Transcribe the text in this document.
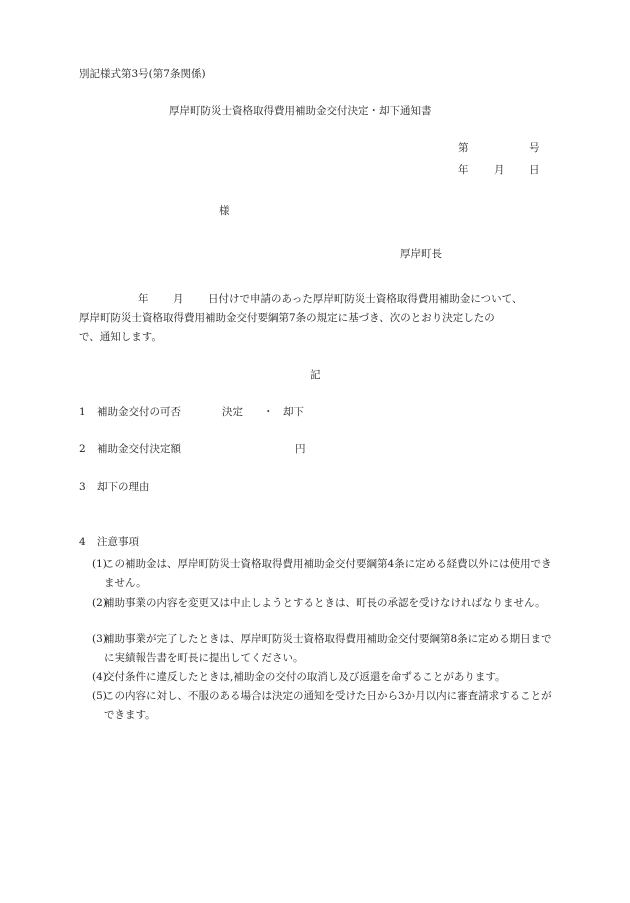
別記様式第3号(第7条関係)
厚岸町防災士資格取得費用補助金交付決定・却下通知書
第	号
年 月 日
様
厚岸町長
年 月 日付けで申請のあった厚岸町防災士資格取得費用補助金について、
厚岸町防災士資格取得費用補助金交付要綱第7条の規定に基づき、次のとおり決定したの
で、通知します。
記
1 補助金交付の可否	決定 ・ 却下
2 補助金交付決定額	円
3 却下の理由
4 注意事項
(1)
この補助金は、厚岸町防災士資格取得費用補助金交付要綱第4条に定める経費以外には使用できません。
(2)
補助事業の内容を変更又は中止しようとするときは、町長の承認を受けなければなりません。
(3)
補助事業が完了したときは、厚岸町防災士資格取得費用補助金交付要綱第8条に定める期日までに実績報告書を町長に提出してください。
(4)
交付条件に違反したときは,補助金の交付の取消し及び返還を命ずることがあります。
(5)
この内容に対し、不服のある場合は決定の通知を受けた日から3か月以内に審査請求することができます。
